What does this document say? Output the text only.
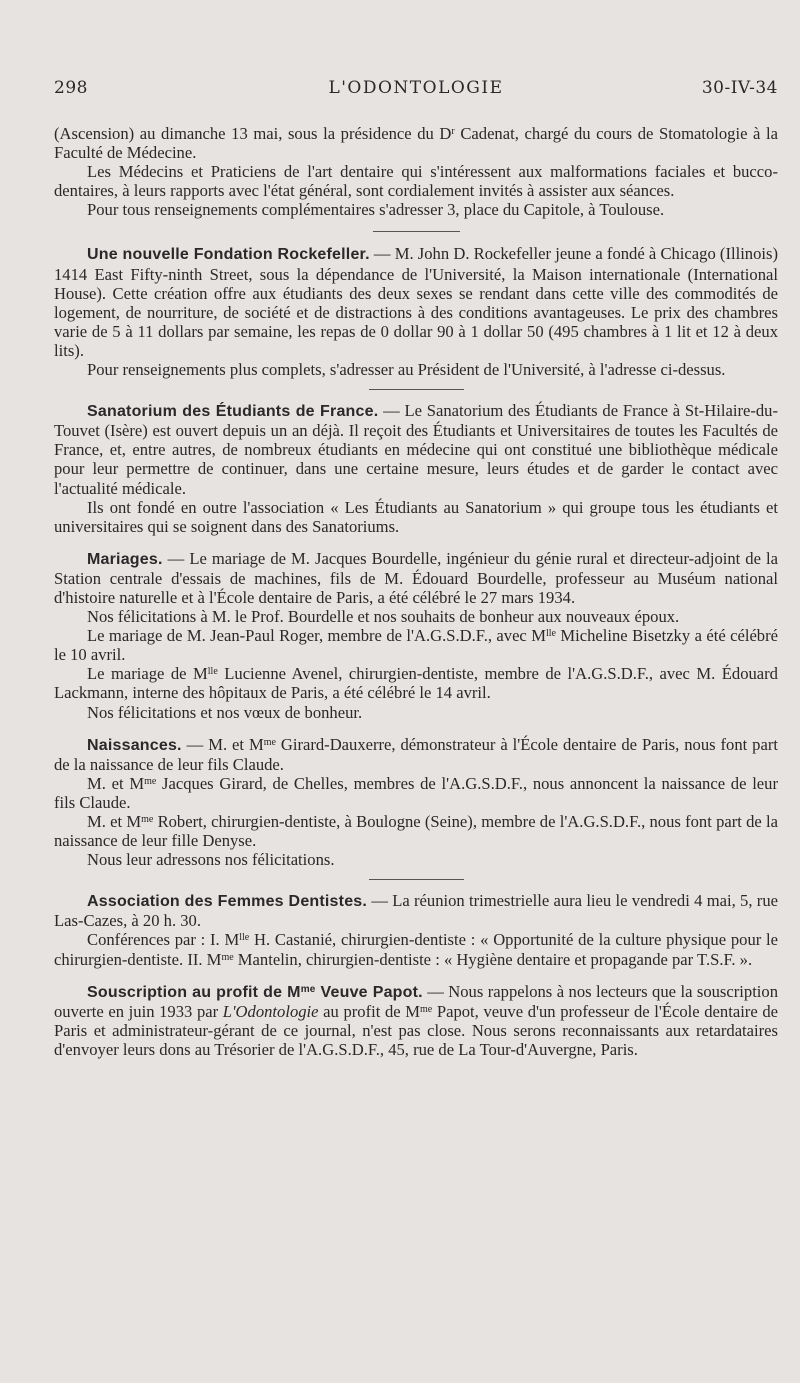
298	L'ODONTOLOGIE	30-IV-34

(Ascension) au dimanche 13 mai, sous la présidence du $D^r$ Cadenat, chargé du cours de Stomatologie à la Faculté de Médecine.

Les Médecins et Praticiens de l'art dentaire qui s'intéressent aux malformations faciales et bucco-dentaires, à leurs rapports avec l'état général, sont cordialement invités à assister aux séances.

Pour tous renseignements complémentaires s'adresser 3, place du Capitole, à Toulouse.

Une nouvelle Fondation Rockefeller. — M. John D. Rockefeller jeune a fondé à Chicago (Illinois) 1414 East Fifty-ninth Street, sous la dépendance de l'Université, la Maison internationale (International House). Cette création offre aux étudiants des deux sexes se rendant dans cette ville des commodités de logement, de nourriture, de société et de distractions à des conditions avantageuses. Le prix des chambres varie de 5 à 11 dollars par semaine, les repas de 0 dollar 90 à 1 dollar 50 (495 chambres à 1 lit et 12 à deux lits).

Pour renseignements plus complets, s'adresser au Président de l'Université, à l'adresse ci-dessus.

Sanatorium des Étudiants de France. — Le Sanatorium des Étudiants de France à St-Hilaire-du-Touvet (Isère) est ouvert depuis un an déjà. Il reçoit des Étudiants et Universitaires de toutes les Facultés de France, et, entre autres, de nombreux étudiants en médecine qui ont constitué une bibliothèque médicale pour leur permettre de continuer, dans une certaine mesure, leurs études et de garder le contact avec l'actualité médicale.

Ils ont fondé en outre l'association « Les Étudiants au Sanatorium » qui groupe tous les étudiants et universitaires qui se soignent dans des Sanatoriums.

Mariages. — Le mariage de M. Jacques Bourdelle, ingénieur du génie rural et directeur-adjoint de la Station centrale d'essais de machines, fils de M. Édouard Bourdelle, professeur au Muséum national d'histoire naturelle et à l'École dentaire de Paris, a été célébré le 27 mars 1934.

Nos félicitations à M. le Prof. Bourdelle et nos souhaits de bonheur aux nouveaux époux.

Le mariage de M. Jean-Paul Roger, membre de l'A.G.S.D.F., avec $M^{lle}$ Micheline Bisetzky a été célébré le 10 avril.

Le mariage de $M^{lle}$ Lucienne Avenel, chirurgien-dentiste, membre de l'A.G.S.D.F., avec M. Édouard Lackmann, interne des hôpitaux de Paris, a été célébré le 14 avril.

Nos félicitations et nos vœux de bonheur.

Naissances. — M. et $M^{me}$ Girard-Dauxerre, démonstrateur à l'École dentaire de Paris, nous font part de la naissance de leur fils Claude.

M. et $M^{me}$ Jacques Girard, de Chelles, membres de l'A.G.S.D.F., nous annoncent la naissance de leur fils Claude.

M. et $M^{me}$ Robert, chirurgien-dentiste, à Boulogne (Seine), membre de l'A.G.S.D.F., nous font part de la naissance de leur fille Denyse.

Nous leur adressons nos félicitations.

Association des Femmes Dentistes. — La réunion trimestrielle aura lieu le vendredi 4 mai, 5, rue Las-Cazes, à 20 h. 30.

Conférences par : I. $M^{lle}$ H. Castanié, chirurgien-dentiste : « Opportunité de la culture physique pour le chirurgien-dentiste. II. $M^{me}$ Mantelin, chirurgien-dentiste : « Hygiène dentaire et propagande par T.S.F. ».

Souscription au profit de $M^{me}$ Veuve Papot. — Nous rappelons à nos lecteurs que la souscription ouverte en juin 1933 par L'Odontologie au profit de $M^{me}$ Papot, veuve d'un professeur de l'École dentaire de Paris et administrateur-gérant de ce journal, n'est pas close. Nous serons reconnaissants aux retardataires d'envoyer leurs dons au Trésorier de l'A.G.S.D.F., 45, rue de La Tour-d'Auvergne, Paris.
